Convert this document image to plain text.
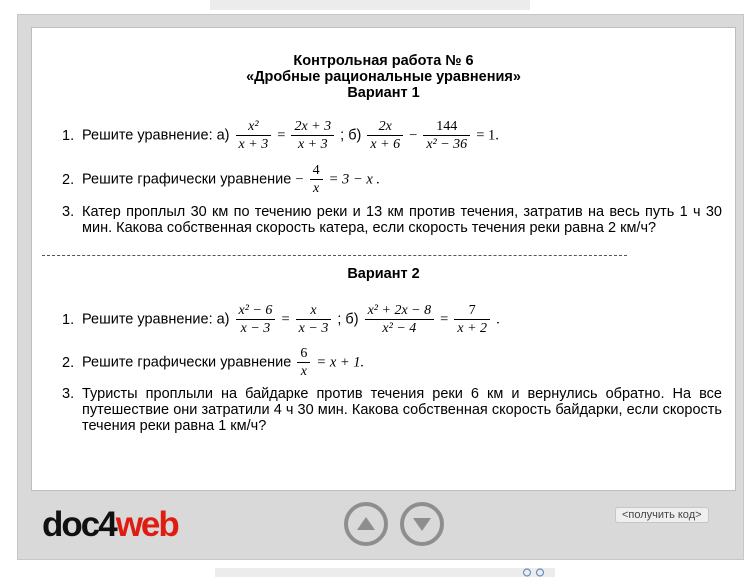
Контрольная работа № 6
«Дробные рациональные уравнения»
Вариант 1
1. Решите уравнение: $а) \frac{\text{x²}}{x + 3} = \frac{2x + 3}{x + 3}$ ; $б) \frac{2x}{x + 6} - \frac{144}{\text{x² − 36}} = 1$.
2. Решите графически уравнение − $\frac{4}{x} = 3 - x$ .
3. Катер проплыл 30 км по течению реки и 13 км против течения, затратив на весь путь 1 ч 30 мин. Какова собственная скорость катера, если скорость течения реки равна 2 км/ч?
Вариант 2
1. Решите уравнение: $а) \frac{\text{x² − 6}}{x - 3} = \frac{x}{x - 3}$ ; $б) \frac{\text{x² + 2x − 8}}{\text{x² − 4}} = \frac{7}{x + 2}$ .
2. Решите графически уравнение $\frac{6}{x} = x + 1$.
3. Туристы проплыли на байдарке против течения реки 6 км и вернулись обратно. На все путешествие они затратили 4 ч 30 мин. Какова собственная скорость байдарки, если скорость течения реки равна 1 км/ч?
doc4web	<получить код>
